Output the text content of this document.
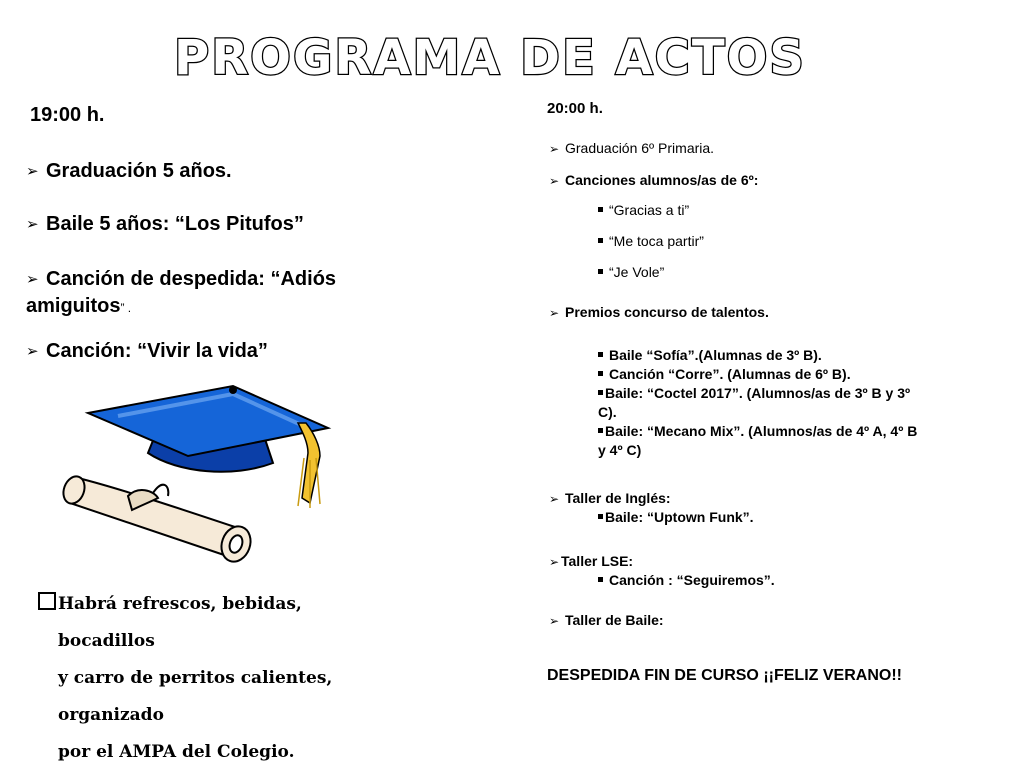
PROGRAMA DE ACTOS
19:00 h.
➢ Graduación 5 años.
➢ Baile 5 años: “Los Pitufos”
➢ Canción de despedida: “Adiós
amiguitos” .
➢ Canción: “Vivir la vida”
Habrá refrescos, bebidas, bocadillos
y carro de perritos calientes, organizado
por el AMPA del Colegio.
20:00 h.
➢ Graduación 6º Primaria.
➢ Canciones alumnos/as de 6º:
“Gracias a ti”
“Me toca partir”
“Je Vole”
➢ Premios concurso de talentos.
Baile “Sofía”.(Alumnas de 3º B).
Canción “Corre”. (Alumnas de 6º B).
Baile: “Coctel 2017”. (Alumnos/as de 3º B y 3º
C).
Baile: “Mecano Mix”. (Alumnos/as de 4º A, 4º B
y 4º C)
➢ Taller de Inglés:
Baile: “Uptown Funk”.
➢ Taller LSE:
Canción : “Seguiremos”.
➢ Taller de Baile:
DESPEDIDA FIN DE CURSO ¡¡FELIZ VERANO!!
